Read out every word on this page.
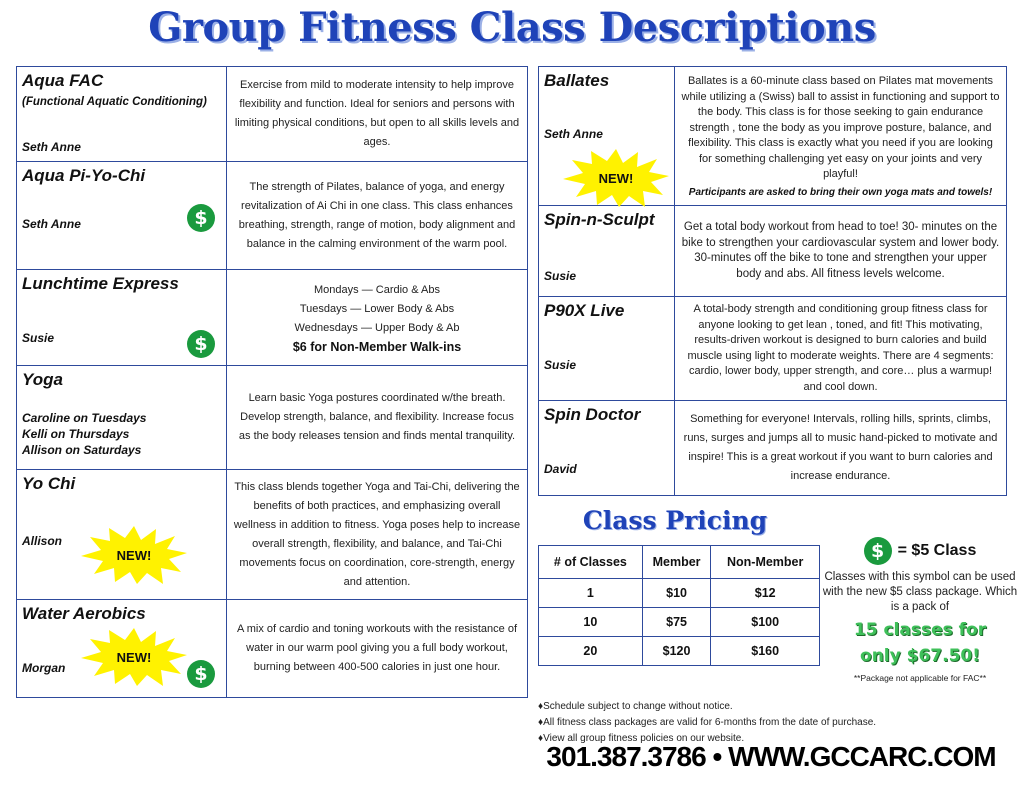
Group Fitness Class Descriptions
Aqua FAC
(Functional Aquatic Conditioning)
Seth Anne
Exercise from mild to moderate intensity to help improve flexibility and function. Ideal for seniors and persons with limiting physical conditions, but open to all skills levels and ages.
Aqua Pi-Yo-Chi
Seth Anne	$
The strength of Pilates, balance of yoga, and energy revitalization of Ai Chi in one class. This class enhances breathing, strength, range of motion, body alignment and balance in the calming environment of the warm pool.
Lunchtime Express
Susie	$
Mondays — Cardio & Abs
Tuesdays — Lower Body & Abs
Wednesdays — Upper Body & Ab
$6 for Non-Member Walk-ins
Yoga
Caroline on Tuesdays
Kelli on Thursdays
Allison on Saturdays
Learn basic Yoga postures coordinated w/the breath. Develop strength, balance, and flexibility. Increase focus as the body releases tension and finds mental tranquility.
Yo Chi
Allison
NEW!
This class blends together Yoga and Tai-Chi, delivering the benefits of both practices, and emphasizing overall wellness in addition to fitness. Yoga poses help to increase overall strength, flexibility, and balance, and Tai-Chi movements focus on coordination, core-strength, energy and attention.
Water Aerobics
Morgan
NEW!
$
A mix of cardio and toning workouts with the resistance of water in our warm pool giving you a full body workout, burning between 400-500 calories in just one hour.
Ballates
Seth Anne
NEW!
Ballates is a 60-minute class based on Pilates mat movements while utilizing a (Swiss) ball to assist in functioning and support to the body. This class is for those seeking to gain endurance strength , tone the body as you improve posture, balance, and flexibility. This class is exactly what you need if you are looking for something challenging yet easy on your joints and very playful!
Participants are asked to bring their own yoga mats and towels!
Spin-n-Sculpt
Susie
Get a total body workout from head to toe! 30- minutes on the bike to strengthen your cardiovascular system and lower body. 30-minutes off the bike to tone and strengthen your upper body and abs. All fitness levels welcome.
P90X Live
Susie
A total-body strength and conditioning group fitness class for anyone looking to get lean , toned, and fit! This motivating, results-driven workout is designed to burn calories and build muscle using light to moderate weights. There are 4 segments: cardio, lower body, upper strength, and core… plus a warmup! and cool down.
Spin Doctor
David
Something for everyone! Intervals, rolling hills, sprints, climbs, runs, surges and jumps all to music hand-picked to motivate and inspire! This is a great workout if you want to burn calories and increase endurance.
Class Pricing
# of Classes	Member	Non-Member
1	$10	$12
10	$75	$100
20	$120	$160
$ = $5 Class
Classes with this symbol can be used with the new $5 class package. Which is a pack of
15 classes for
only $67.50!
**Package not applicable for FAC**
♦Schedule subject to change without notice.
♦All fitness class packages are valid for 6-months from the date of purchase.
♦View all group fitness policies on our website.
301.387.3786 • WWW.GCCARC.COM
